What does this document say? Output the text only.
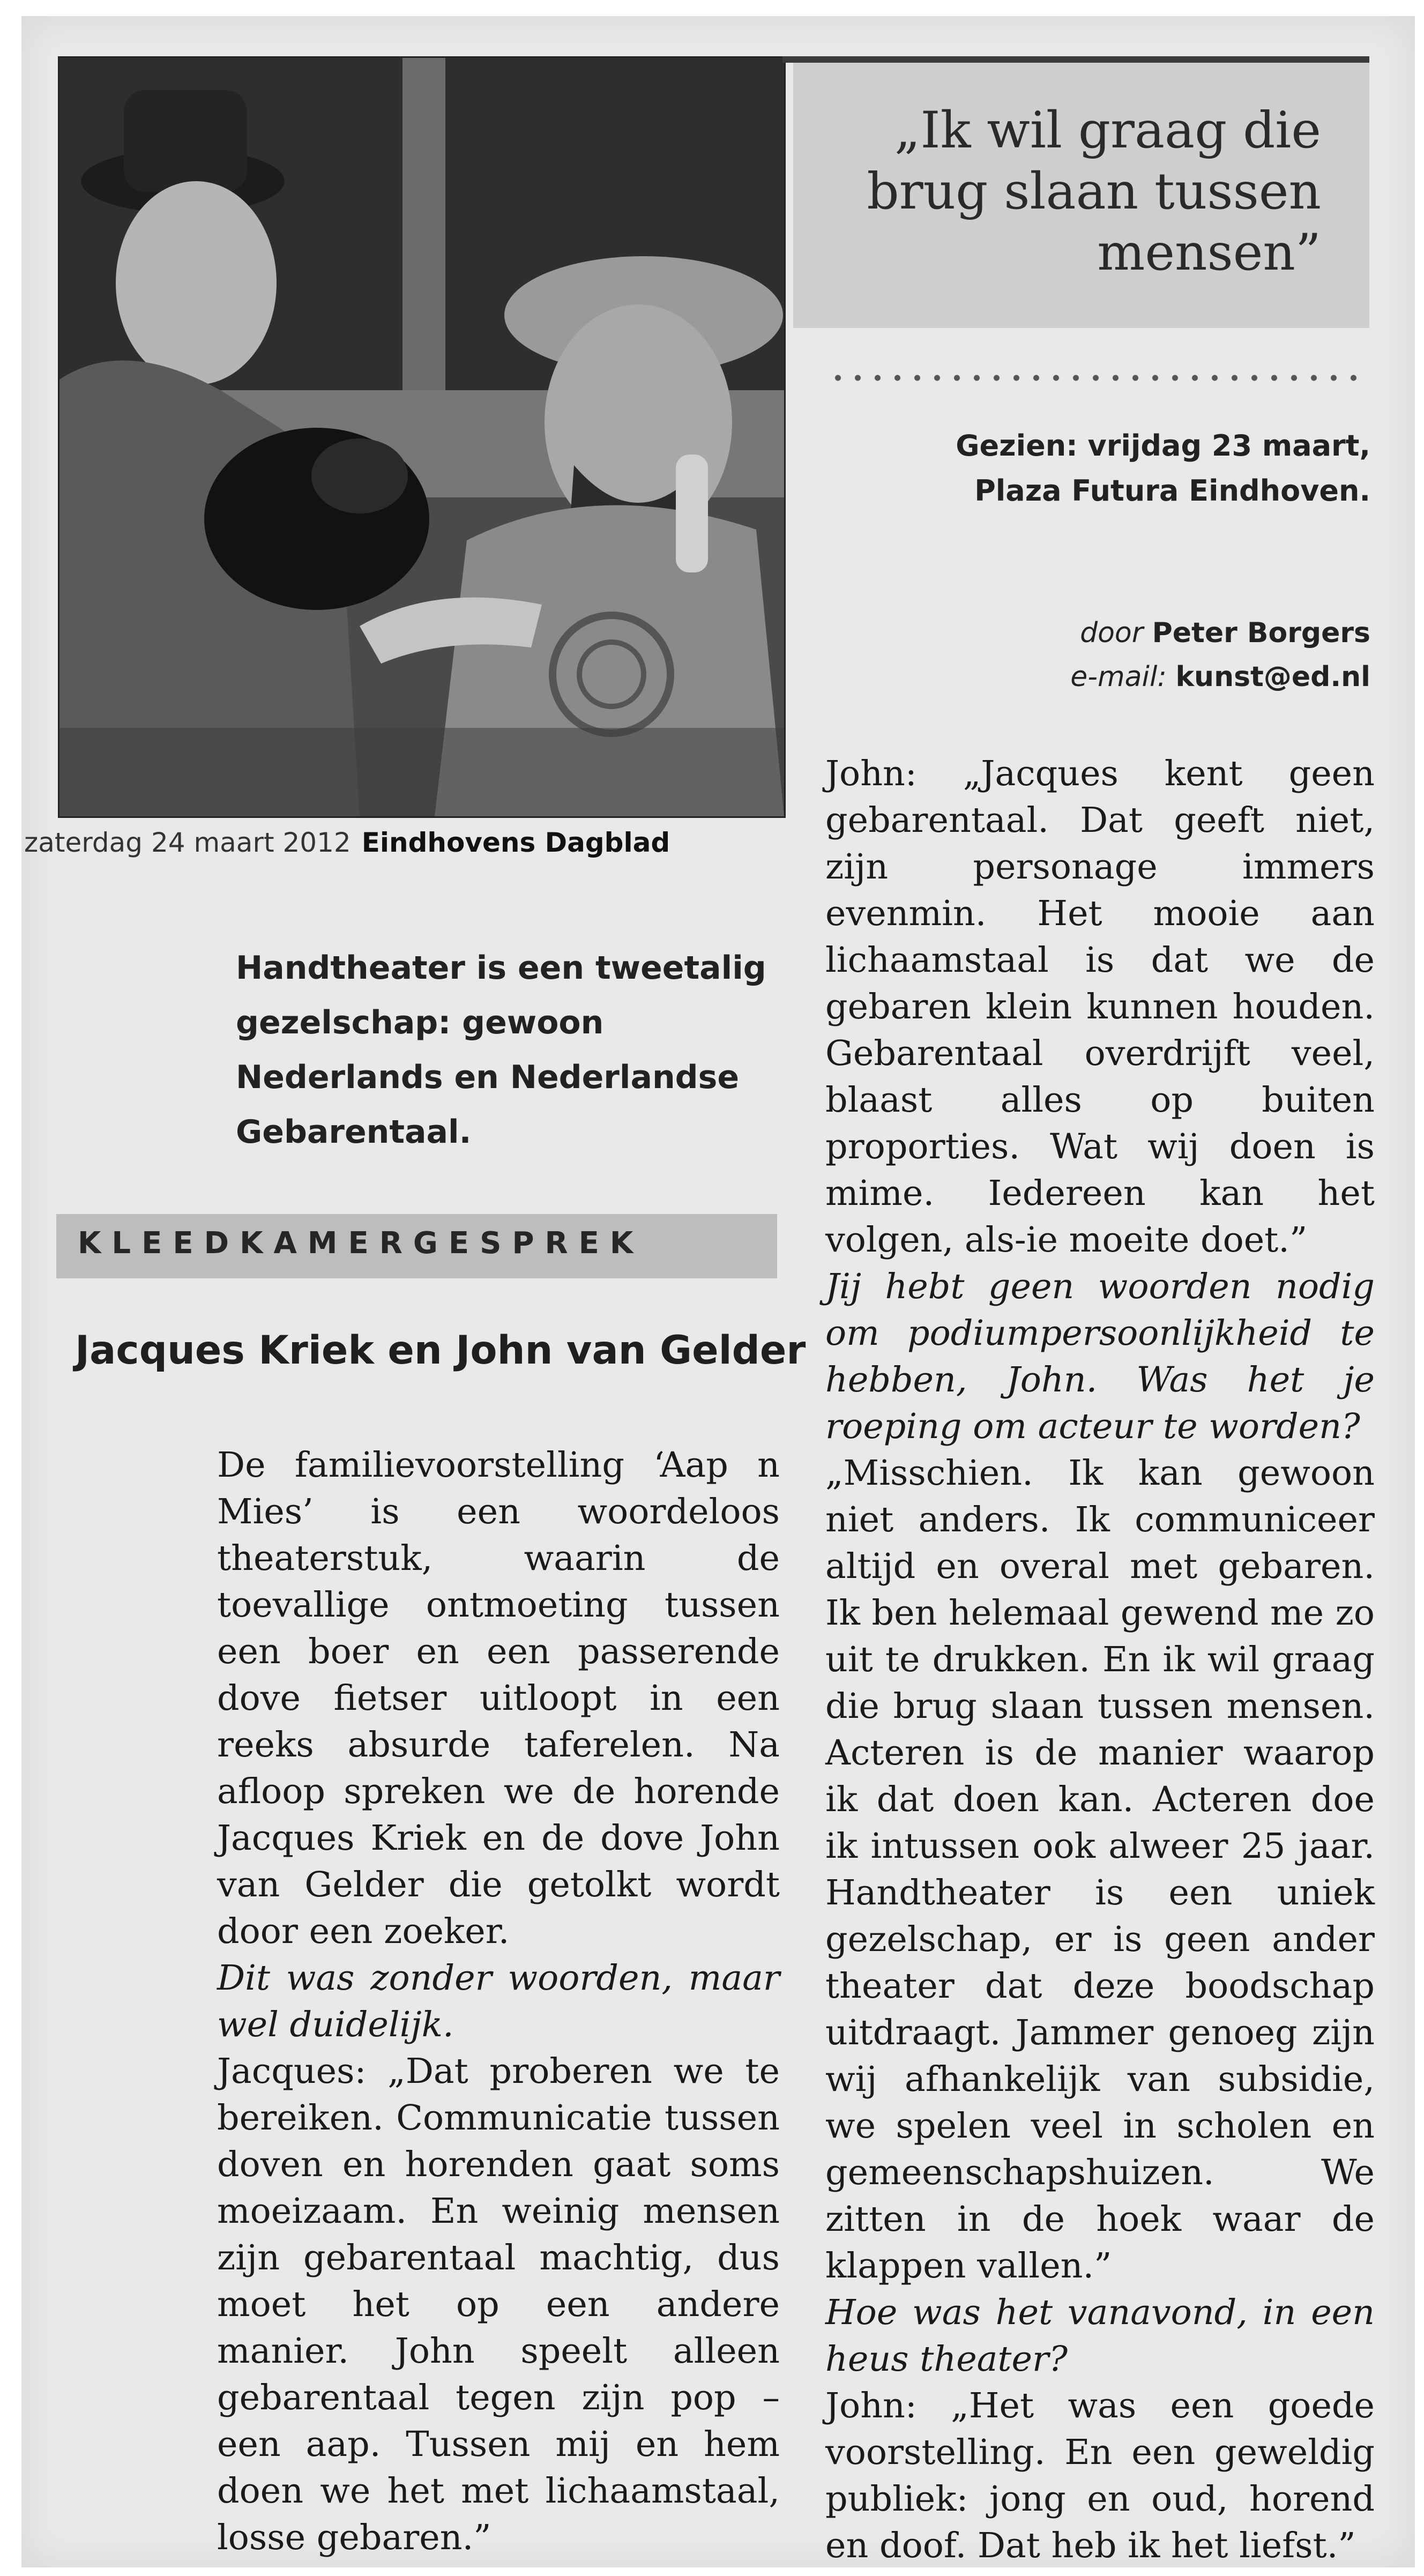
„Ik wil graag die brug slaan tussen mensen”
Gezien: vrijdag 23 maart,
Plaza Futura Eindhoven.
door Peter Borgers
e-mail: kunst@ed.nl
zaterdag 24 maart 2012 Eindhovens Dagblad
Handtheater is een tweetalig gezelschap: gewoon Nederlands en Nederlandse Gebarentaal.
KLEEDKAMERGESPREK
Jacques Kriek en John van Gelder

De familievoorstelling ‘Aap n Mies’ is een woordeloos theaterstuk, waarin de toevallige ontmoeting tussen een boer en een passerende dove fietser uitloopt in een reeks absurde taferelen. Na afloop spreken we de horende Jacques Kriek en de dove John van Gelder die getolkt wordt door een zoeker.

Dit was zonder woorden, maar wel duidelijk.

Jacques: „Dat proberen we te bereiken. Communicatie tussen doven en horenden gaat soms moeizaam. En weinig mensen zijn gebarentaal machtig, dus moet het op een andere manier. John speelt alleen gebarentaal tegen zijn pop – een aap. Tussen mij en hem doen we het met lichaamstaal, losse gebaren.”

John: „Jacques kent geen gebarentaal. Dat geeft niet, zijn personage immers evenmin. Het mooie aan lichaamstaal is dat we de gebaren klein kunnen houden. Gebarentaal overdrijft veel, blaast alles op buiten proporties. Wat wij doen is mime. Iedereen kan het volgen, als-ie moeite doet.”

Jij hebt geen woorden nodig om podiumpersoonlijkheid te hebben, John. Was het je roeping om acteur te worden?

„Misschien. Ik kan gewoon niet anders. Ik communiceer altijd en overal met gebaren. Ik ben helemaal gewend me zo uit te drukken. En ik wil graag die brug slaan tussen mensen. Acteren is de manier waarop ik dat doen kan. Acteren doe ik intussen ook alweer 25 jaar. Handtheater is een uniek gezelschap, er is geen ander theater dat deze boodschap uitdraagt. Jammer genoeg zijn wij afhankelijk van subsidie, we spelen veel in scholen en gemeenschapshuizen. We zitten in de hoek waar de klappen vallen.”

Hoe was het vanavond, in een heus theater?

John: „Het was een goede voorstelling. En een geweldig publiek: jong en oud, horend en doof. Dat heb ik het liefst.”
